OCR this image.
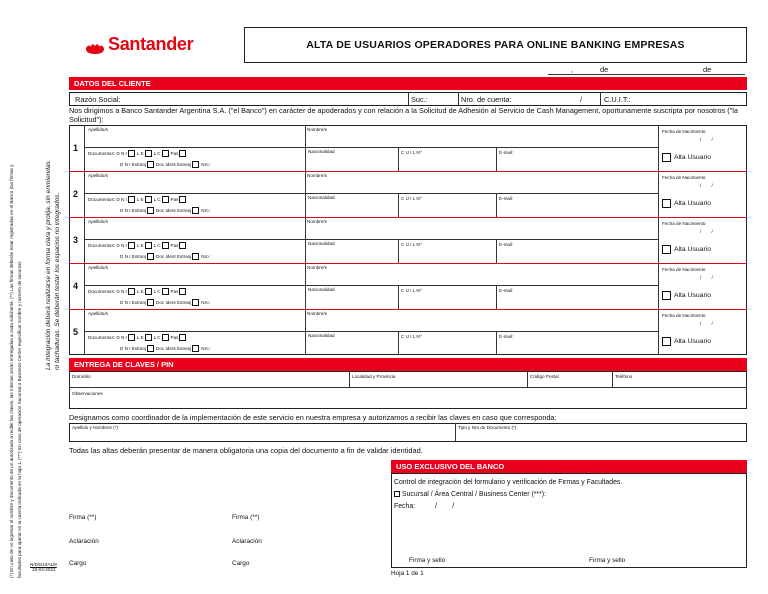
(*) En caso de no ingresar el nombre y documento de un autorizado a recibir las claves, las mismas serán entregadas a cada solicitante. (**) Las firmas deberán estar registradas en el Banco (las firmas y facultades para operar en la cuenta indicada en la hoja 1. (***) En caso de operación Sucursal o Business Center especificar nombre y número de sucursal.	La integración deberá realizarse en forma clara y prolija, sin enmiendas ni tachaduras. Se deberán testar los espacios no integrados.
N/DSI10A1/8
19-04-2022
Santander	ALTA DE USUARIOS OPERADORES PARA ONLINE BANKING EMPRESAS
,	de	de
DATOS DEL CLIENTE
Razón Social:	Suc.:	Nro. de cuenta:	/	C.U.I.T.:
Nos dirigimos a Banco Santander Argentina S.A. ("el Banco") en carácter de apoderados y con relación a la Solicitud de Adhesión al Servicio de Cash Management, oportunamente suscripta por nosotros ("la Solicitud"):
1
Apellido/s	Nombre/s	Fecha de Nacimiento
/        /
Documentos:
D N I L E L C Pas
D N I Extranj Doc Ident Extranj Nro :
Nacionalidad	C U I L Nº	E-mail:
Alta Usuario
2
Apellido/s	Nombre/s	Fecha de Nacimiento
/        /
Documentos:
D N I L E L C Pas
D N I Extranj Doc Ident Extranj Nro :
Nacionalidad	C U I L Nº	E-mail:
Alta Usuario
3
Apellido/s	Nombre/s	Fecha de Nacimiento
/        /
Documentos:
D N I L E L C Pas
D N I Extranj Doc Ident Extranj Nro :
Nacionalidad	C U I L Nº	E-mail:
Alta Usuario
4
Apellido/s	Nombre/s	Fecha de Nacimiento
/        /
Documentos:
D N I L E L C Pas
D N I Extranj Doc Ident Extranj Nro :
Nacionalidad	C U I L Nº	E-mail:
Alta Usuario
5
Apellido/s	Nombre/s	Fecha de Nacimiento
/        /
Documentos:
D N I L E L C Pas
D N I Extranj Doc Ident Extranj Nro :
Nacionalidad	C U I L Nº	E-mail:
Alta Usuario
ENTREGA DE CLAVES / PIN
Domicilio	Localidad y Provincia	Código Postal	Teléfono
Observaciones
Designamos como coordinador de la implementación de este servicio en nuestra empresa y autorizamos a recibir las claves en caso que corresponda:
Apellido y Nombres (*):	Tipo y Nro de Documento (*):
Todas las altas deberán presentar de manera obligatoria una copia del documento a fin de validar identidad.
Firma (**)	Firma (**)
Aclaración	Aclaración
Cargo	Cargo
USO EXCLUSIVO DEL BANCO
Control de integración del formulario y verificación de Firmas y Facultades.
Sucursal / Área Central / Business Center (***):
Fecha:	/        /
Firma y sello	Firma y sello
Hoja 1 de 1
